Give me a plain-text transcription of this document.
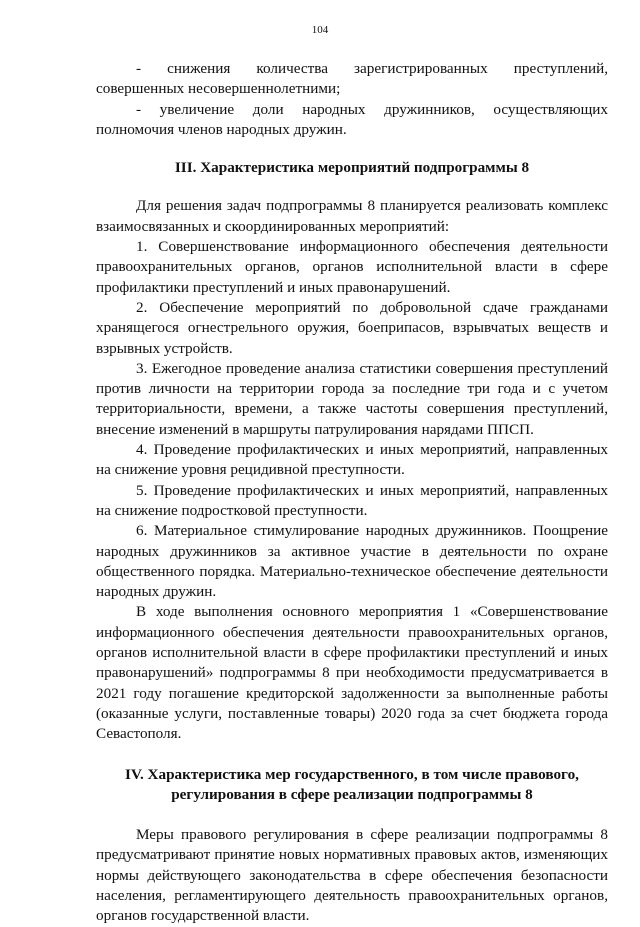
104

- снижения количества зарегистрированных преступлений, совершенных несовершеннолетними;

- увеличение доли народных дружинников, осуществляющих полномочия членов народных дружин.

III. Характеристика мероприятий подпрограммы 8

Для решения задач подпрограммы 8 планируется реализовать комплекс взаимосвязанных и скоординированных мероприятий:

1. Совершенствование информационного обеспечения деятельности правоохранительных органов, органов исполнительной власти в сфере профилактики преступлений и иных правонарушений.

2. Обеспечение мероприятий по добровольной сдаче гражданами хранящегося огнестрельного оружия, боеприпасов, взрывчатых веществ и взрывных устройств.

3. Ежегодное проведение анализа статистики совершения преступлений против личности на территории города за последние три года и с учетом территориальности, времени, а также частоты совершения преступлений, внесение изменений в маршруты патрулирования нарядами ППСП.

4. Проведение профилактических и иных мероприятий, направленных на снижение уровня рецидивной преступности.

5. Проведение профилактических и иных мероприятий, направленных на снижение подростковой преступности.

6. Материальное стимулирование народных дружинников. Поощрение народных дружинников за активное участие в деятельности по охране общественного порядка. Материально-техническое обеспечение деятельности народных дружин.

В ходе выполнения основного мероприятия 1 «Совершенствование информационного обеспечения деятельности правоохранительных органов, органов исполнительной власти в сфере профилактики преступлений и иных правонарушений» подпрограммы 8 при необходимости предусматривается в 2021 году погашение кредиторской задолженности за выполненные работы (оказанные услуги, поставленные товары) 2020 года за счет бюджета города Севастополя.

IV. Характеристика мер государственного, в том числе правового,

регулирования в сфере реализации подпрограммы 8

Меры правового регулирования в сфере реализации подпрограммы 8 предусматривают принятие новых нормативных правовых актов, изменяющих нормы действующего законодательства в сфере обеспечения безопасности населения, регламентирующего деятельность правоохранительных органов, органов государственной власти.
